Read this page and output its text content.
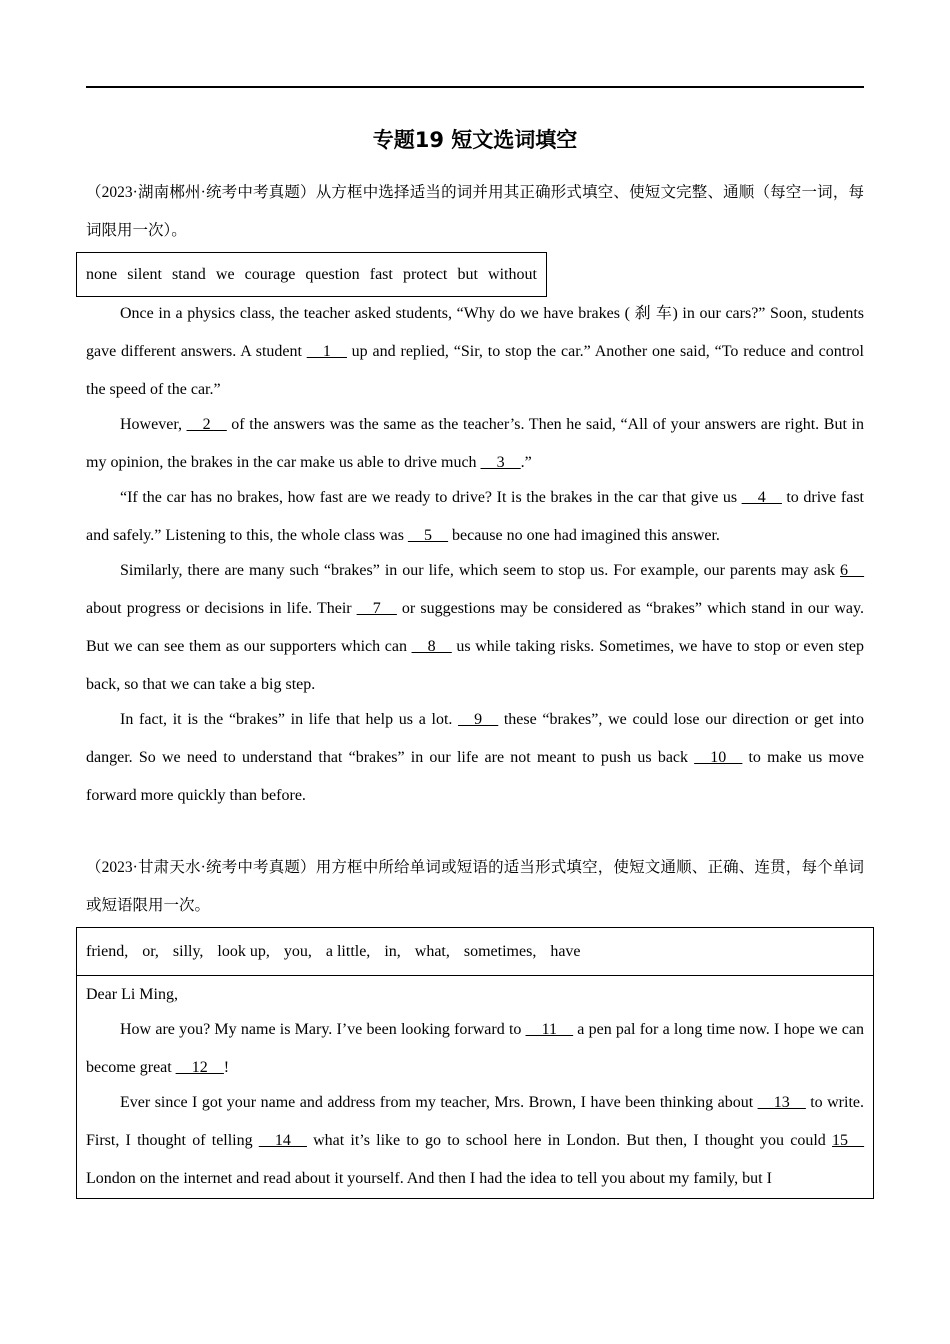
专题19 短文选词填空

（2023·湖南郴州·统考中考真题）从方框中选择适当的词并用其正确形式填空、使短文完整、通顺（每空一词，每词限用一次）。

none silent stand we courage question fast protect but without

Once in a physics class, the teacher asked students, “Why do we have brakes ( 刹 车) in our cars?” Soon, students gave different answers. A student __1__ up and replied, “Sir, to stop the car.” Another one said, “To reduce and control the speed of the car.”

However, __2__ of the answers was the same as the teacher’s. Then he said, “All of your answers are right. But in my opinion, the brakes in the car make us able to drive much __3__.”

“If the car has no brakes, how fast are we ready to drive? It is the brakes in the car that give us __4__ to drive fast and safely.” Listening to this, the whole class was __5__ because no one had imagined this answer.

Similarly, there are many such “brakes” in our life, which seem to stop us. For example, our parents may ask 6__ about progress or decisions in life. Their __7__ or suggestions may be considered as “brakes” which stand in our way. But we can see them as our supporters which can __8__ us while taking risks. Sometimes, we have to stop or even step back, so that we can take a big step.

In fact, it is the “brakes” in life that help us a lot. __9__ these “brakes”, we could lose our direction or get into danger. So we need to understand that “brakes” in our life are not meant to push us back __10__ to make us move forward more quickly than before.

（2023·甘肃天水·统考中考真题）用方框中所给单词或短语的适当形式填空，使短文通顺、正确、连贯，每个单词或短语限用一次。

friend, or, silly, look up, you, a little, in, what, sometimes, have

Dear Li Ming,

How are you? My name is Mary. I’ve been looking forward to __11__ a pen pal for a long time now. I hope we can become great __12__!

Ever since I got your name and address from my teacher, Mrs. Brown, I have been thinking about __13__ to write. First, I thought of telling __14__ what it’s like to go to school here in London. But then, I thought you could 15__ London on the internet and read about it yourself. And then I had the idea to tell you about my family, but I
